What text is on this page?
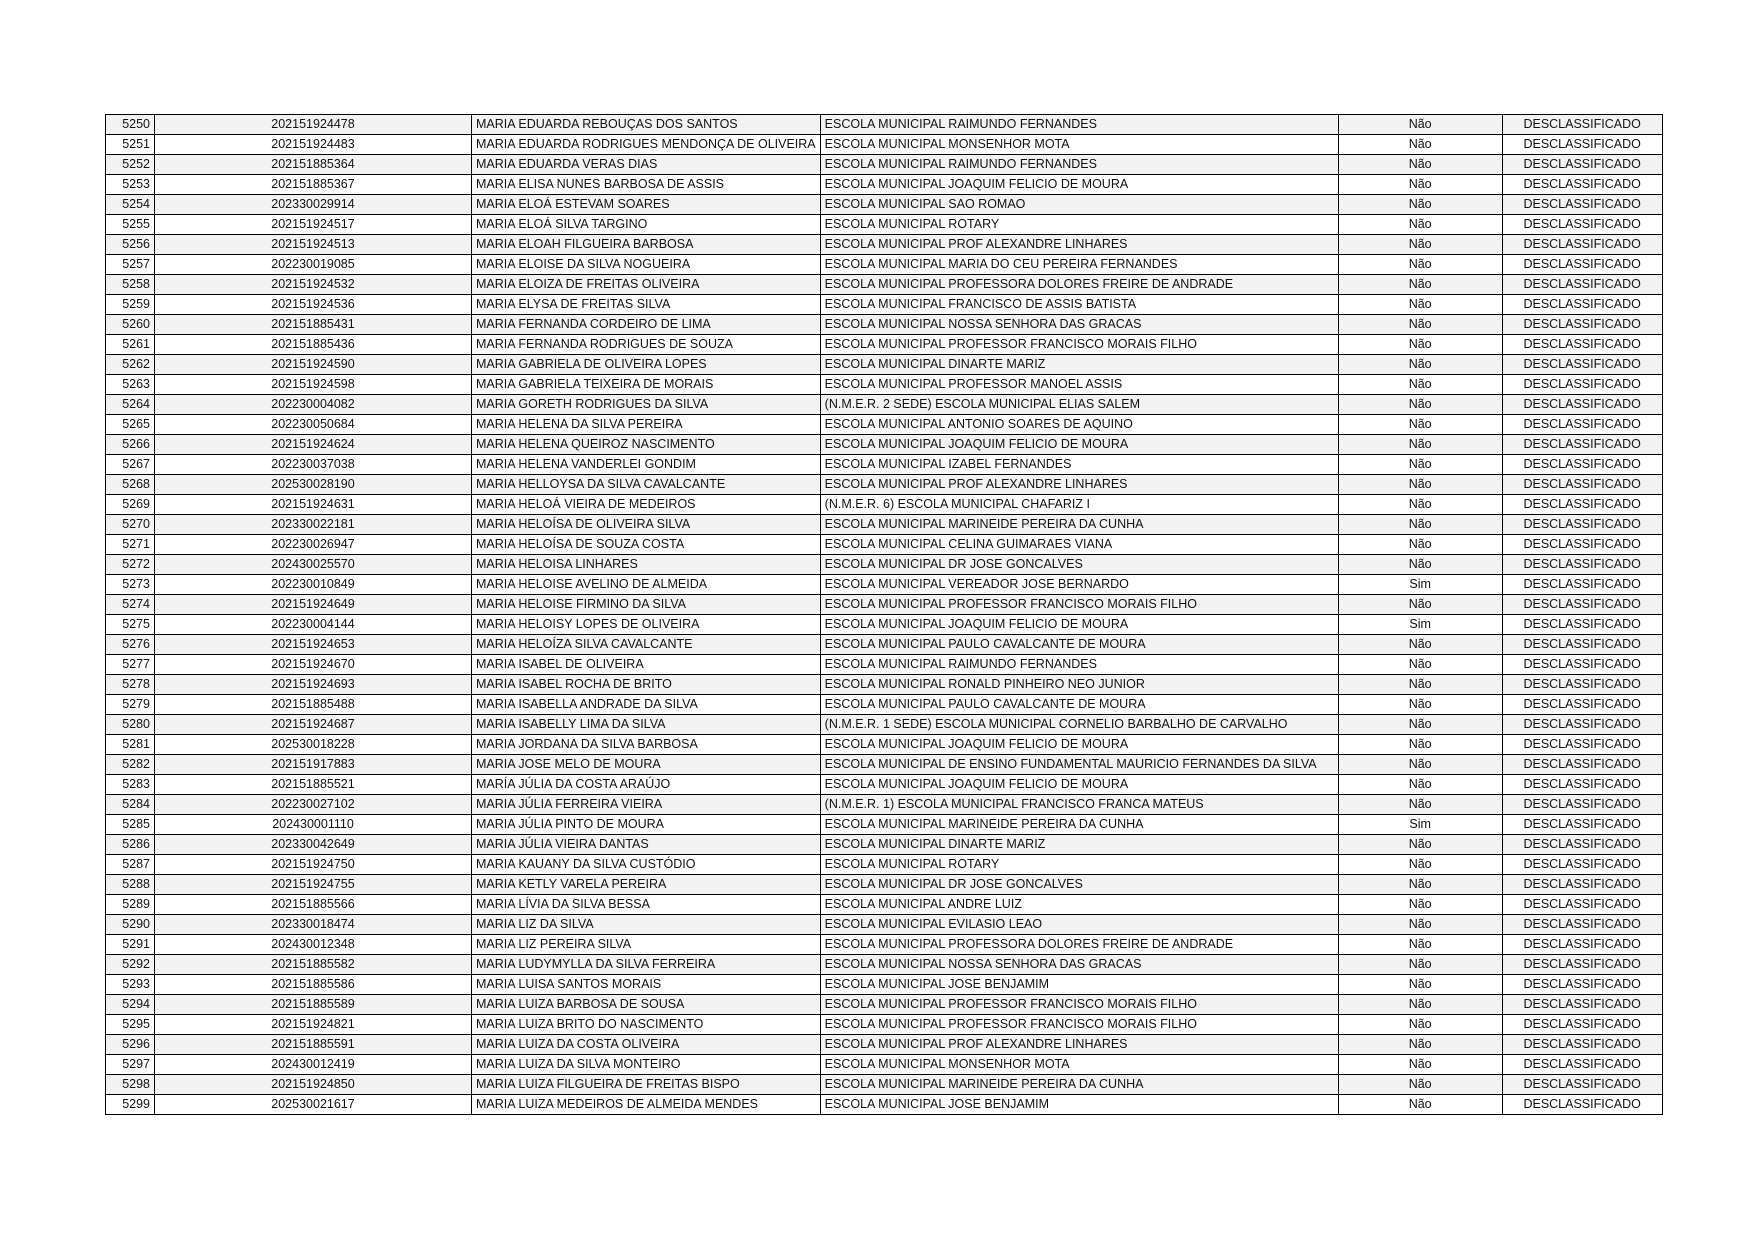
5250	202151924478	MARIA EDUARDA REBOUÇAS DOS SANTOS	ESCOLA MUNICIPAL RAIMUNDO FERNANDES	Não	DESCLASSIFICADO
5251	202151924483	MARIA EDUARDA RODRIGUES MENDONÇA DE OLIVEIRA	ESCOLA MUNICIPAL MONSENHOR MOTA	Não	DESCLASSIFICADO
5252	202151885364	MARIA EDUARDA VERAS DIAS	ESCOLA MUNICIPAL RAIMUNDO FERNANDES	Não	DESCLASSIFICADO
5253	202151885367	MARIA ELISA NUNES BARBOSA DE ASSIS	ESCOLA MUNICIPAL JOAQUIM FELICIO DE MOURA	Não	DESCLASSIFICADO
5254	202330029914	MARIA ELOÁ ESTEVAM SOARES	ESCOLA MUNICIPAL SAO ROMAO	Não	DESCLASSIFICADO
5255	202151924517	MARIA ELOÁ SILVA TARGINO	ESCOLA MUNICIPAL ROTARY	Não	DESCLASSIFICADO
5256	202151924513	MARIA ELOAH FILGUEIRA BARBOSA	ESCOLA MUNICIPAL PROF ALEXANDRE LINHARES	Não	DESCLASSIFICADO
5257	202230019085	MARIA ELOISE DA SILVA NOGUEIRA	ESCOLA MUNICIPAL MARIA DO CEU PEREIRA FERNANDES	Não	DESCLASSIFICADO
5258	202151924532	MARIA ELOIZA DE FREITAS OLIVEIRA	ESCOLA MUNICIPAL PROFESSORA DOLORES FREIRE DE ANDRADE	Não	DESCLASSIFICADO
5259	202151924536	MARIA ELYSA DE FREITAS SILVA	ESCOLA MUNICIPAL FRANCISCO DE ASSIS BATISTA	Não	DESCLASSIFICADO
5260	202151885431	MARIA FERNANDA CORDEIRO DE LIMA	ESCOLA MUNICIPAL NOSSA SENHORA DAS GRACAS	Não	DESCLASSIFICADO
5261	202151885436	MARIA FERNANDA RODRIGUES DE SOUZA	ESCOLA MUNICIPAL PROFESSOR FRANCISCO MORAIS FILHO	Não	DESCLASSIFICADO
5262	202151924590	MARIA GABRIELA DE OLIVEIRA LOPES	ESCOLA MUNICIPAL DINARTE MARIZ	Não	DESCLASSIFICADO
5263	202151924598	MARIA GABRIELA TEIXEIRA DE MORAIS	ESCOLA MUNICIPAL PROFESSOR MANOEL ASSIS	Não	DESCLASSIFICADO
5264	202230004082	MARIA GORETH RODRIGUES DA SILVA	(N.M.E.R. 2 SEDE) ESCOLA MUNICIPAL ELIAS SALEM	Não	DESCLASSIFICADO
5265	202230050684	MARIA HELENA DA SILVA PEREIRA	ESCOLA MUNICIPAL ANTONIO SOARES DE AQUINO	Não	DESCLASSIFICADO
5266	202151924624	MARIA HELENA QUEIROZ NASCIMENTO	ESCOLA MUNICIPAL JOAQUIM FELICIO DE MOURA	Não	DESCLASSIFICADO
5267	202230037038	MARIA HELENA VANDERLEI GONDIM	ESCOLA MUNICIPAL IZABEL FERNANDES	Não	DESCLASSIFICADO
5268	202530028190	MARIA HELLOYSA DA SILVA CAVALCANTE	ESCOLA MUNICIPAL PROF ALEXANDRE LINHARES	Não	DESCLASSIFICADO
5269	202151924631	MARIA HELOÁ VIEIRA DE MEDEIROS	(N.M.E.R. 6) ESCOLA MUNICIPAL CHAFARIZ I	Não	DESCLASSIFICADO
5270	202330022181	MARIA HELOÍSA DE OLIVEIRA SILVA	ESCOLA MUNICIPAL MARINEIDE PEREIRA DA CUNHA	Não	DESCLASSIFICADO
5271	202230026947	MARIA HELOÍSA DE SOUZA COSTA	ESCOLA MUNICIPAL CELINA GUIMARAES VIANA	Não	DESCLASSIFICADO
5272	202430025570	MARIA HELOISA LINHARES	ESCOLA MUNICIPAL DR JOSE GONCALVES	Não	DESCLASSIFICADO
5273	202230010849	MARIA HELOISE AVELINO DE ALMEIDA	ESCOLA MUNICIPAL VEREADOR JOSE BERNARDO	Sim	DESCLASSIFICADO
5274	202151924649	MARIA HELOISE FIRMINO DA SILVA	ESCOLA MUNICIPAL PROFESSOR FRANCISCO MORAIS FILHO	Não	DESCLASSIFICADO
5275	202230004144	MARIA HELOISY LOPES DE OLIVEIRA	ESCOLA MUNICIPAL JOAQUIM FELICIO DE MOURA	Sim	DESCLASSIFICADO
5276	202151924653	MARIA HELOÍZA SILVA CAVALCANTE	ESCOLA MUNICIPAL PAULO CAVALCANTE DE MOURA	Não	DESCLASSIFICADO
5277	202151924670	MARIA ISABEL DE OLIVEIRA	ESCOLA MUNICIPAL RAIMUNDO FERNANDES	Não	DESCLASSIFICADO
5278	202151924693	MARIA ISABEL ROCHA DE BRITO	ESCOLA MUNICIPAL RONALD PINHEIRO NEO JUNIOR	Não	DESCLASSIFICADO
5279	202151885488	MARIA ISABELLA ANDRADE DA SILVA	ESCOLA MUNICIPAL PAULO CAVALCANTE DE MOURA	Não	DESCLASSIFICADO
5280	202151924687	MARIA ISABELLY LIMA DA SILVA	(N.M.E.R. 1 SEDE) ESCOLA MUNICIPAL CORNELIO BARBALHO DE CARVALHO	Não	DESCLASSIFICADO
5281	202530018228	MARIA JORDANA DA SILVA BARBOSA	ESCOLA MUNICIPAL JOAQUIM FELICIO DE MOURA	Não	DESCLASSIFICADO
5282	202151917883	MARIA JOSE MELO DE MOURA	ESCOLA MUNICIPAL DE ENSINO FUNDAMENTAL MAURICIO FERNANDES DA SILVA	Não	DESCLASSIFICADO
5283	202151885521	MARÍA JÚLIA DA COSTA ARAÚJO	ESCOLA MUNICIPAL JOAQUIM FELICIO DE MOURA	Não	DESCLASSIFICADO
5284	202230027102	MARIA JÚLIA FERREIRA VIEIRA	(N.M.E.R. 1) ESCOLA MUNICIPAL FRANCISCO FRANCA MATEUS	Não	DESCLASSIFICADO
5285	202430001110	MARIA JÚLIA PINTO DE MOURA	ESCOLA MUNICIPAL MARINEIDE PEREIRA DA CUNHA	Sim	DESCLASSIFICADO
5286	202330042649	MARIA JÚLIA VIEIRA DANTAS	ESCOLA MUNICIPAL DINARTE MARIZ	Não	DESCLASSIFICADO
5287	202151924750	MARIA KAUANY DA SILVA CUSTÓDIO	ESCOLA MUNICIPAL ROTARY	Não	DESCLASSIFICADO
5288	202151924755	MARIA KETLY VARELA PEREIRA	ESCOLA MUNICIPAL DR JOSE GONCALVES	Não	DESCLASSIFICADO
5289	202151885566	MARIA LÍVIA DA SILVA BESSA	ESCOLA MUNICIPAL ANDRE LUIZ	Não	DESCLASSIFICADO
5290	202330018474	MARIA LIZ DA SILVA	ESCOLA MUNICIPAL EVILASIO LEAO	Não	DESCLASSIFICADO
5291	202430012348	MARIA LIZ PEREIRA SILVA	ESCOLA MUNICIPAL PROFESSORA DOLORES FREIRE DE ANDRADE	Não	DESCLASSIFICADO
5292	202151885582	MARIA LUDYMYLLA DA SILVA FERREIRA	ESCOLA MUNICIPAL NOSSA SENHORA DAS GRACAS	Não	DESCLASSIFICADO
5293	202151885586	MARIA LUISA SANTOS MORAIS	ESCOLA MUNICIPAL JOSE BENJAMIM	Não	DESCLASSIFICADO
5294	202151885589	MARIA LUIZA BARBOSA DE SOUSA	ESCOLA MUNICIPAL PROFESSOR FRANCISCO MORAIS FILHO	Não	DESCLASSIFICADO
5295	202151924821	MARIA LUIZA BRITO DO NASCIMENTO	ESCOLA MUNICIPAL PROFESSOR FRANCISCO MORAIS FILHO	Não	DESCLASSIFICADO
5296	202151885591	MARIA LUIZA DA COSTA OLIVEIRA	ESCOLA MUNICIPAL PROF ALEXANDRE LINHARES	Não	DESCLASSIFICADO
5297	202430012419	MARIA LUIZA DA SILVA MONTEIRO	ESCOLA MUNICIPAL MONSENHOR MOTA	Não	DESCLASSIFICADO
5298	202151924850	MARIA LUIZA FILGUEIRA DE FREITAS BISPO	ESCOLA MUNICIPAL MARINEIDE PEREIRA DA CUNHA	Não	DESCLASSIFICADO
5299	202530021617	MARIA LUIZA MEDEIROS DE ALMEIDA MENDES	ESCOLA MUNICIPAL JOSE BENJAMIM	Não	DESCLASSIFICADO
